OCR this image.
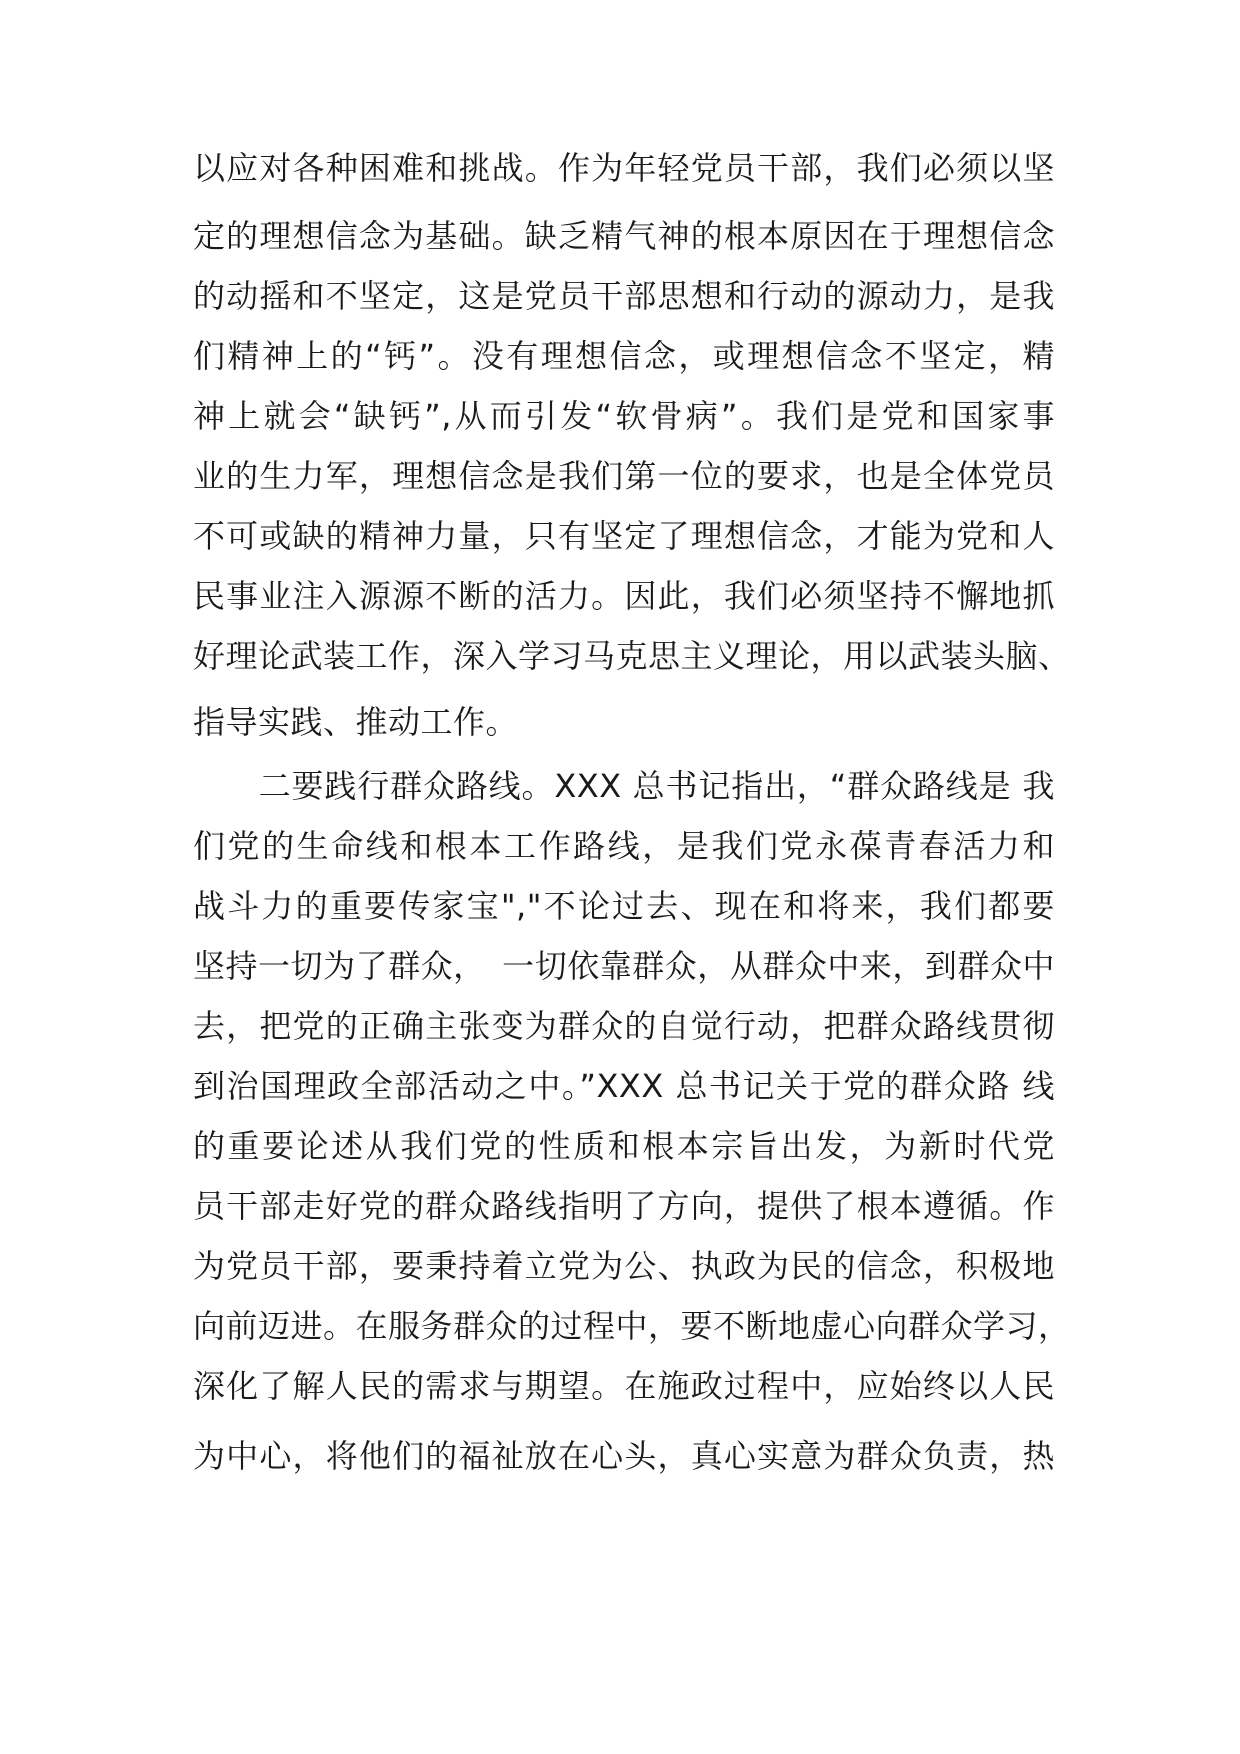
以应对各种困难和挑战。作为年轻党员干部，我们必须以坚
定的理想信念为基础。缺乏精气神的根本原因在于理想信念
的动摇和不坚定，这是党员干部思想和行动的源动力，是我
们精神上的“钙”。没有理想信念，或理想信念不坚定，精
神上就会“缺钙”,从而引发“软骨病”。我们是党和国家事
业的生力军，理想信念是我们第一位的要求，也是全体党员
不可或缺的精神力量，只有坚定了理想信念，才能为党和人
民事业注入源源不断的活力。因此，我们必须坚持不懈地抓
好理论武装工作，深入学习马克思主义理论，用以武装头脑、
指导实践、推动工作。
　　二要践行群众路线。XXX 总书记指出，“群众路线是 我
们党的生命线和根本工作路线，是我们党永葆青春活力和
战斗力的重要传家宝","不论过去、现在和将来，我们都要
坚持一切为了群众，　一切依靠群众，从群众中来，到群众中
去，把党的正确主张变为群众的自觉行动，把群众路线贯彻
到治国理政全部活动之中。”XXX 总书记关于党的群众路 线
的重要论述从我们党的性质和根本宗旨出发，为新时代党
员干部走好党的群众路线指明了方向，提供了根本遵循。作
为党员干部，要秉持着立党为公、执政为民的信念，积极地
向前迈进。在服务群众的过程中，要不断地虚心向群众学习，
深化了解人民的需求与期望。在施政过程中，应始终以人民
为中心，将他们的福祉放在心头，真心实意为群众负责，热
